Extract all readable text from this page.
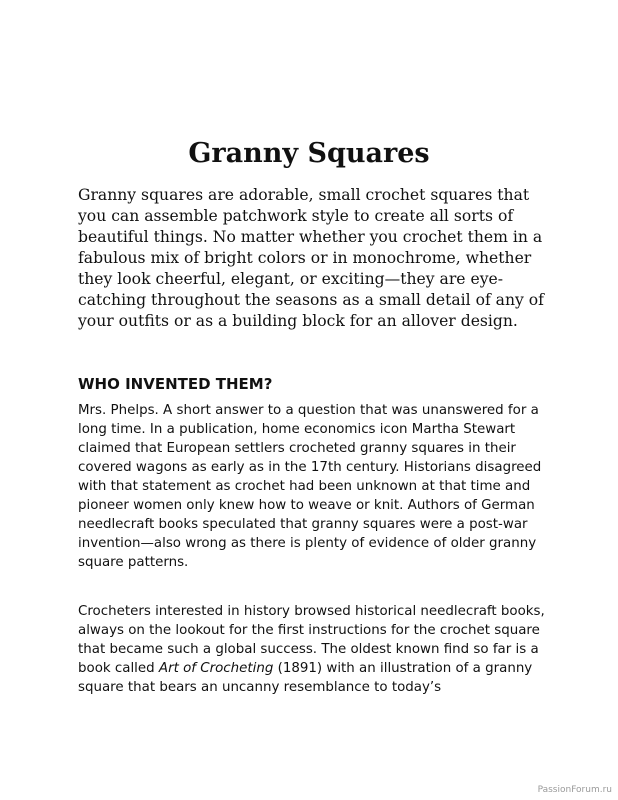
Granny Squares

Granny squares are adorable, small crochet squares that you can assemble patchwork style to create all sorts of beautiful things. No matter whether you crochet them in a fabulous mix of bright colors or in monochrome, whether they look cheerful, elegant, or exciting—they are eye-catching throughout the seasons as a small detail of any of your outfits or as a building block for an allover design.

WHO INVENTED THEM?

Mrs. Phelps. A short answer to a question that was unanswered for a long time. In a publication, home economics icon Martha Stewart claimed that European settlers crocheted granny squares in their covered wagons as early as in the 17th century. Historians disagreed with that statement as crochet had been unknown at that time and pioneer women only knew how to weave or knit. Authors of German needlecraft books speculated that granny squares were a post-war invention—also wrong as there is plenty of evidence of older granny square patterns.

Crocheters interested in history browsed historical needlecraft books, always on the lookout for the first instructions for the crochet square that became such a global success. The oldest known find so far is a book called Art of Crocheting (1891) with an illustration of a granny square that bears an uncanny resemblance to today’s

PassionForum.ru
